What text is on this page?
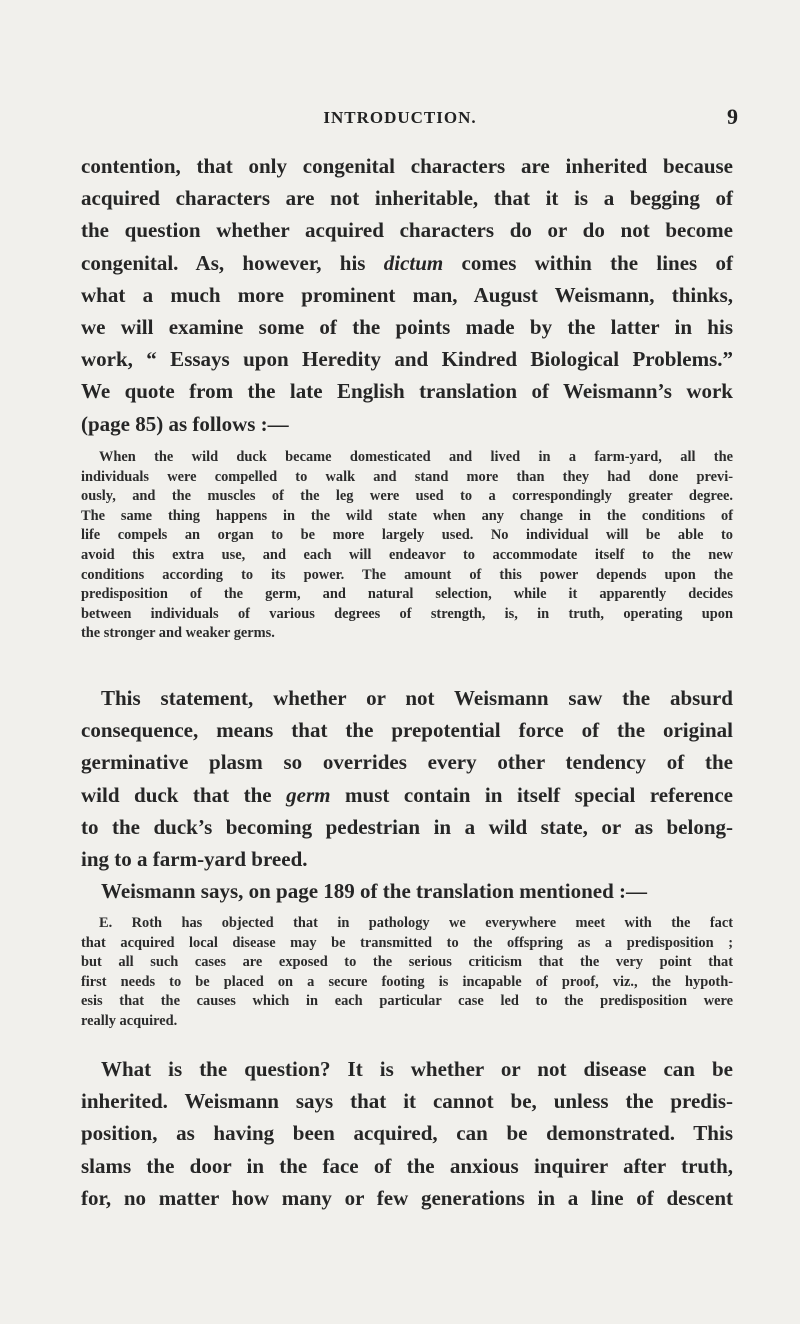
INTRODUCTION.	9

contention, that only congenital characters are inherited because
acquired characters are not inheritable, that it is a begging of
the question whether acquired characters do or do not become
congenital. As, however, his dictum comes within the lines of
what a much more prominent man, August Weismann, thinks,
we will examine some of the points made by the latter in his
work, “ Essays upon Heredity and Kindred Biological Problems.”
We quote from the late English translation of Weismann’s work
(page 85) as follows :—

When the wild duck became domesticated and lived in a farm-yard, all the
individuals were compelled to walk and stand more than they had done previ-
ously, and the muscles of the leg were used to a correspondingly greater degree.
The same thing happens in the wild state when any change in the conditions of
life compels an organ to be more largely used. No individual will be able to
avoid this extra use, and each will endeavor to accommodate itself to the new
conditions according to its power. The amount of this power depends upon the
predisposition of the germ, and natural selection, while it apparently decides
between individuals of various degrees of strength, is, in truth, operating upon
the stronger and weaker germs.

This statement, whether or not Weismann saw the absurd
consequence, means that the prepotential force of the original
germinative plasm so overrides every other tendency of the
wild duck that the germ must contain in itself special reference
to the duck’s becoming pedestrian in a wild state, or as belong-
ing to a farm-yard breed.
Weismann says, on page 189 of the translation mentioned :—

E. Roth has objected that in pathology we everywhere meet with the fact
that acquired local disease may be transmitted to the offspring as a predisposition ;
but all such cases are exposed to the serious criticism that the very point that
first needs to be placed on a secure footing is incapable of proof, viz., the hypoth-
esis that the causes which in each particular case led to the predisposition were
really acquired.

What is the question? It is whether or not disease can be
inherited. Weismann says that it cannot be, unless the predis-
position, as having been acquired, can be demonstrated. This
slams the door in the face of the anxious inquirer after truth,
for, no matter how many or few generations in a line of descent
